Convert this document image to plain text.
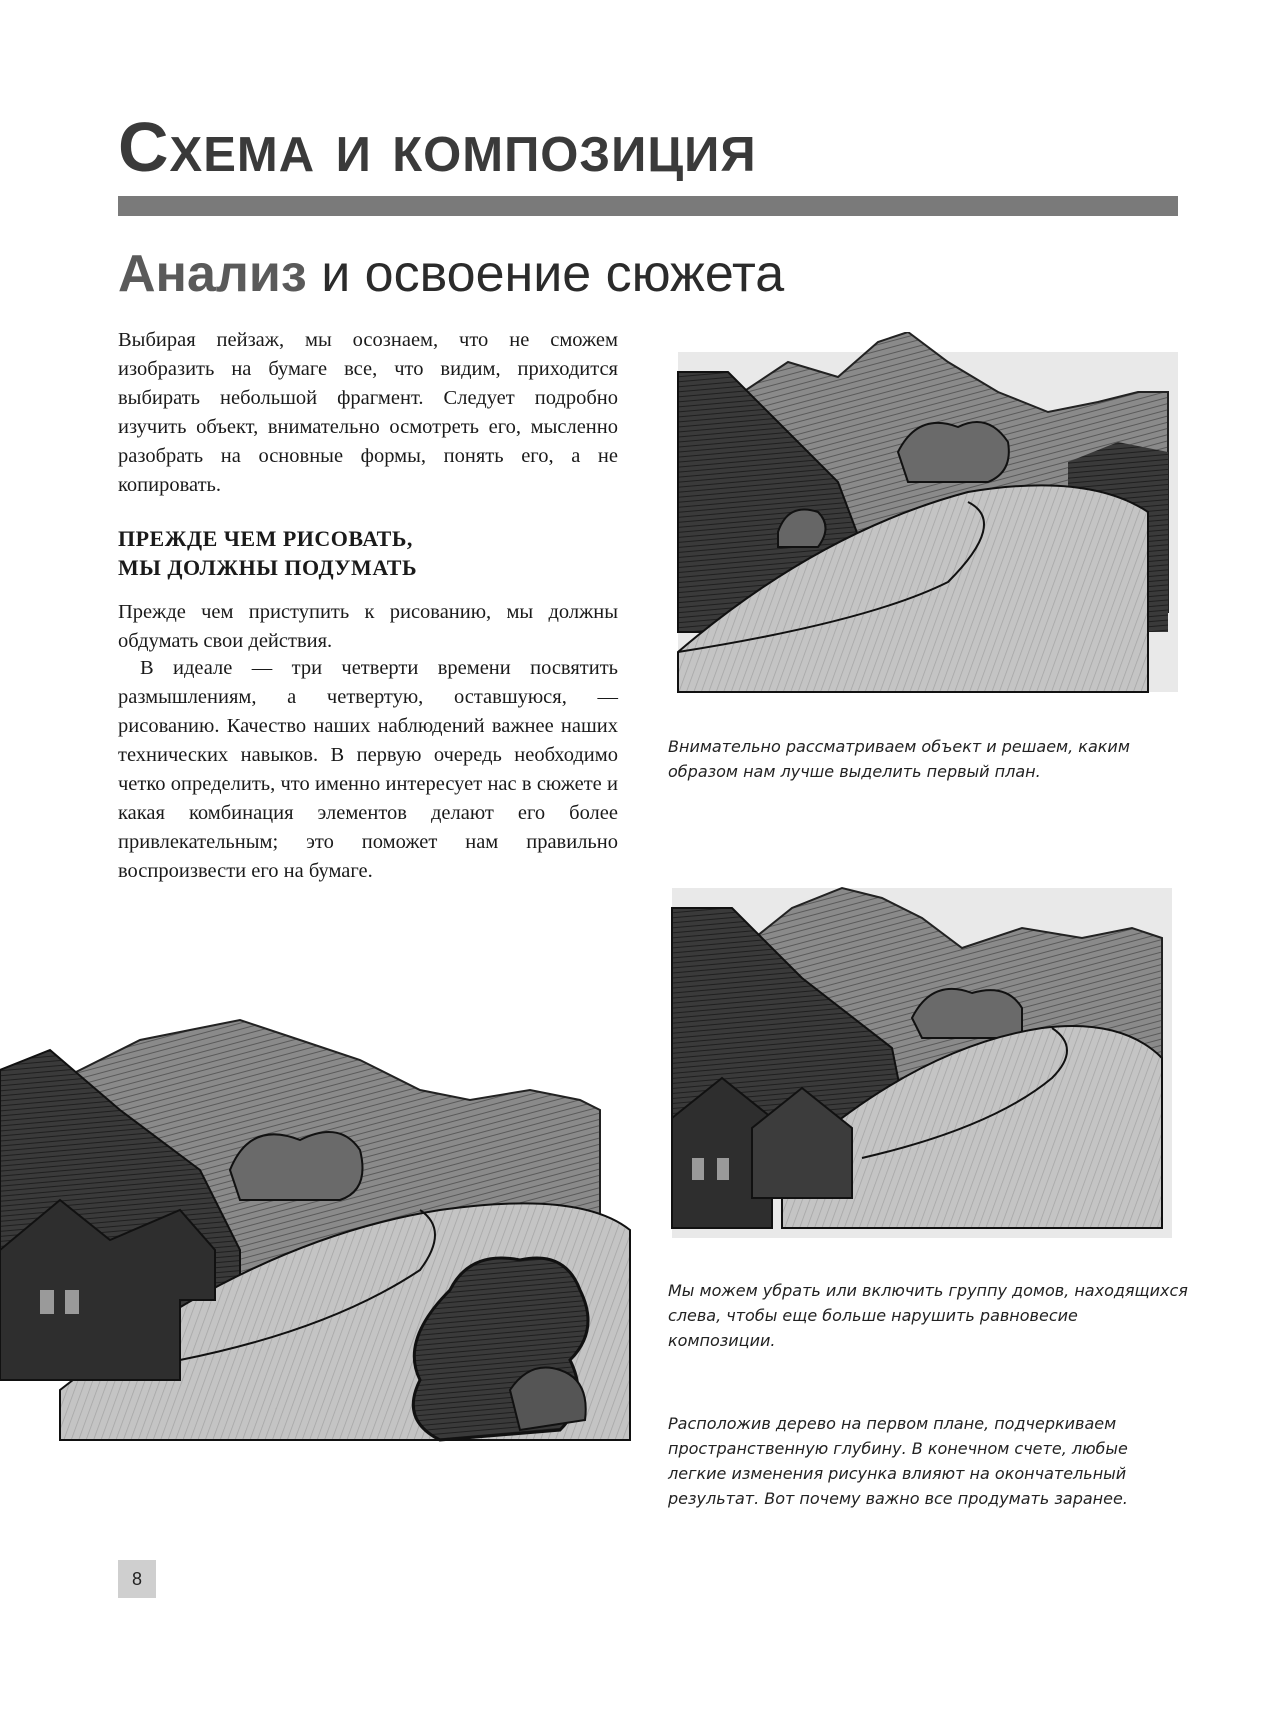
Схема и композиция
Анализ и освоение сюжета

Выбирая пейзаж, мы осознаем, что не сможем изобразить на бумаге все, что видим, приходится выбирать небольшой фрагмент. Следует подробно изучить объект, внимательно осмотреть его, мысленно разобрать на основные формы, понять его, а не копировать.

ПРЕЖДЕ ЧЕМ РИСОВАТЬ,
МЫ ДОЛЖНЫ ПОДУМАТЬ

Прежде чем приступить к рисованию, мы должны обдумать свои действия.

В идеале — три четверти времени посвятить размышлениям, а четвертую, оставшуюся, — рисованию. Качество наших наблюдений важнее наших технических навыков. В первую очередь необходимо четко определить, что именно интересует нас в сюжете и какая комбинация элементов делают его более привлекательным; это поможет нам правильно воспроизвести его на бумаге.

Внимательно рассматриваем объект и решаем, каким образом нам лучше выделить первый план.

Мы можем убрать или включить группу домов, находящихся слева, чтобы еще больше нарушить равновесие композиции.

Расположив дерево на первом плане, подчеркиваем пространственную глубину. В конечном счете, любые легкие изменения рисунка влияют на окончательный результат. Вот почему важно все продумать заранее.

8
